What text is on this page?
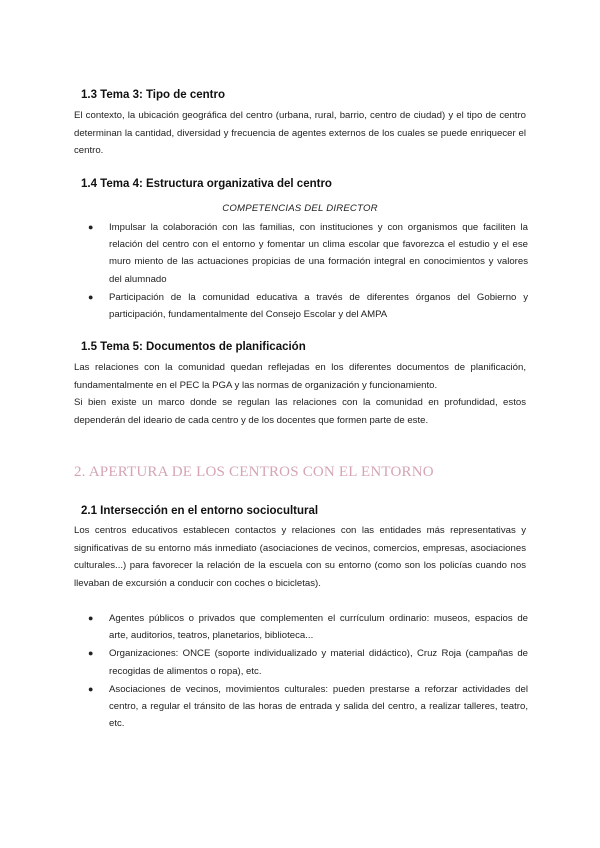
1.3 Tema 3: Tipo de centro
El contexto, la ubicación geográfica del centro (urbana, rural, barrio, centro de ciudad) y el tipo de centro determinan la cantidad, diversidad y frecuencia de agentes externos de los cuales se puede enriquecer el centro.
1.4 Tema 4: Estructura organizativa del centro
COMPETENCIAS DEL DIRECTOR
● Impulsar la colaboración con las familias, con instituciones y con organismos que faciliten la relación del centro con el entorno y fomentar un clima escolar que favorezca el estudio y el ese muro miento de las actuaciones propicias de una formación integral en conocimientos y valores del alumnado
● Participación de la comunidad educativa a través de diferentes órganos del Gobierno y participación, fundamentalmente del Consejo Escolar y del AMPA
1.5 Tema 5: Documentos de planificación
Las relaciones con la comunidad quedan reflejadas en los diferentes documentos de planificación, fundamentalmente en el PEC la PGA y las normas de organización y funcionamiento.
Si bien existe un marco donde se regulan las relaciones con la comunidad en profundidad, estos dependerán del ideario de cada centro y de los docentes que formen parte de este.
2. APERTURA DE LOS CENTROS CON EL ENTORNO
2.1 Intersección en el entorno sociocultural
Los centros educativos establecen contactos y relaciones con las entidades más representativas y significativas de su entorno más inmediato (asociaciones de vecinos, comercios, empresas, asociaciones culturales...) para favorecer la relación de la escuela con su entorno (como son los policías cuando nos llevaban de excursión a conducir con coches o bicicletas).
● Agentes públicos o privados que complementen el currículum ordinario: museos, espacios de arte, auditorios, teatros, planetarios, biblioteca...
● Organizaciones: ONCE (soporte individualizado y material didáctico), Cruz Roja (campañas de recogidas de alimentos o ropa), etc.
● Asociaciones de vecinos, movimientos culturales: pueden prestarse a reforzar actividades del centro, a regular el tránsito de las horas de entrada y salida del centro, a realizar talleres, teatro, etc.
